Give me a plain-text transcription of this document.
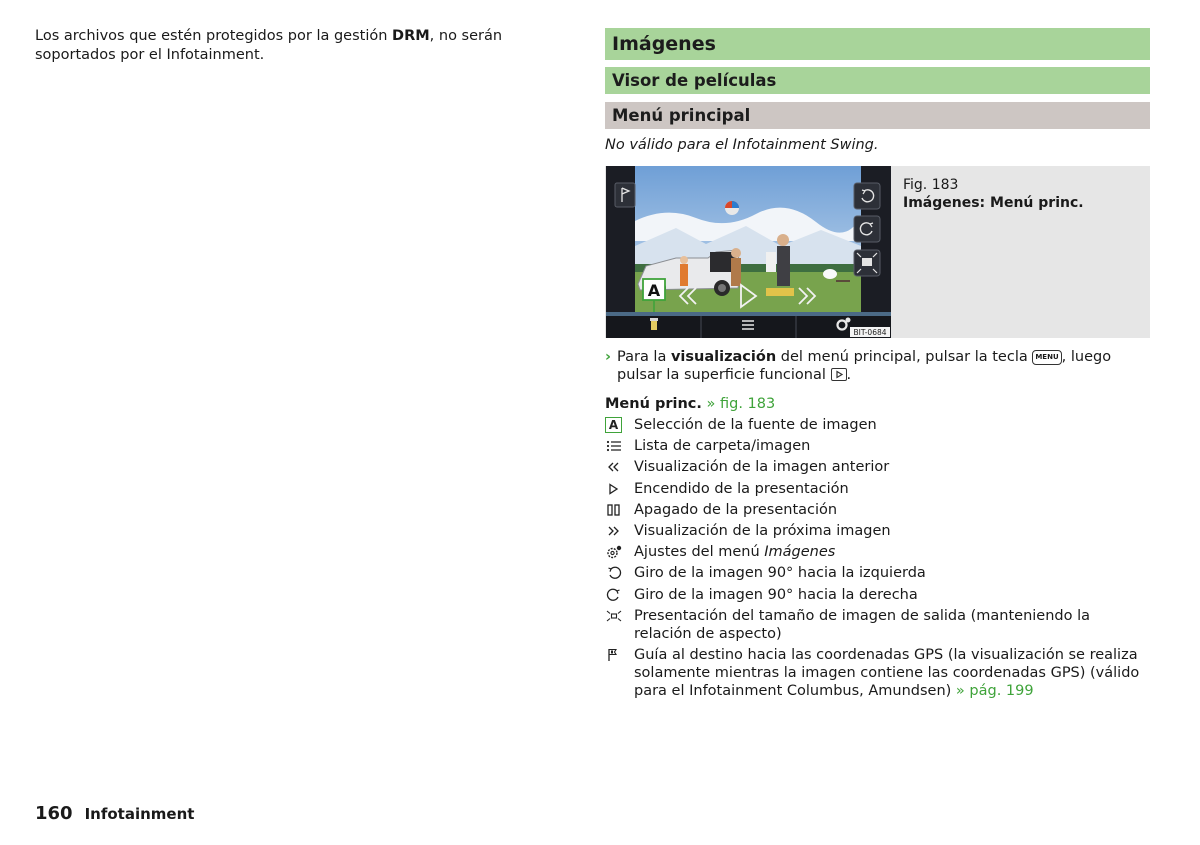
Los archivos que estén protegidos por la gestión DRM, no serán soportados por el Infotainment.	Imágenes
Visor de películas
Menú principal
No válido para el Infotainment Swing.
A
BIT-0684
Fig. 183
Imágenes: Menú princ.
› Para la visualización del menú principal, pulsar la tecla MENU , luego pulsar la superficie funcional
.
Menú princ. » fig. 183
A Selección de la fuente de imagen
Lista de carpeta/imagen
Visualización de la imagen anterior
Encendido de la presentación
Apagado de la presentación
Visualización de la próxima imagen
Ajustes del menú Imágenes
Giro de la imagen 90° hacia la izquierda
Giro de la imagen 90° hacia la derecha
Presentación del tamaño de imagen de salida (manteniendo la relación de aspecto)
Guía al destino hacia las coordenadas GPS (la visualización se realiza solamente mientras la imagen contiene las coordenadas GPS) (válido para el Infotainment Columbus, Amundsen) » pág. 199
160 Infotainment
